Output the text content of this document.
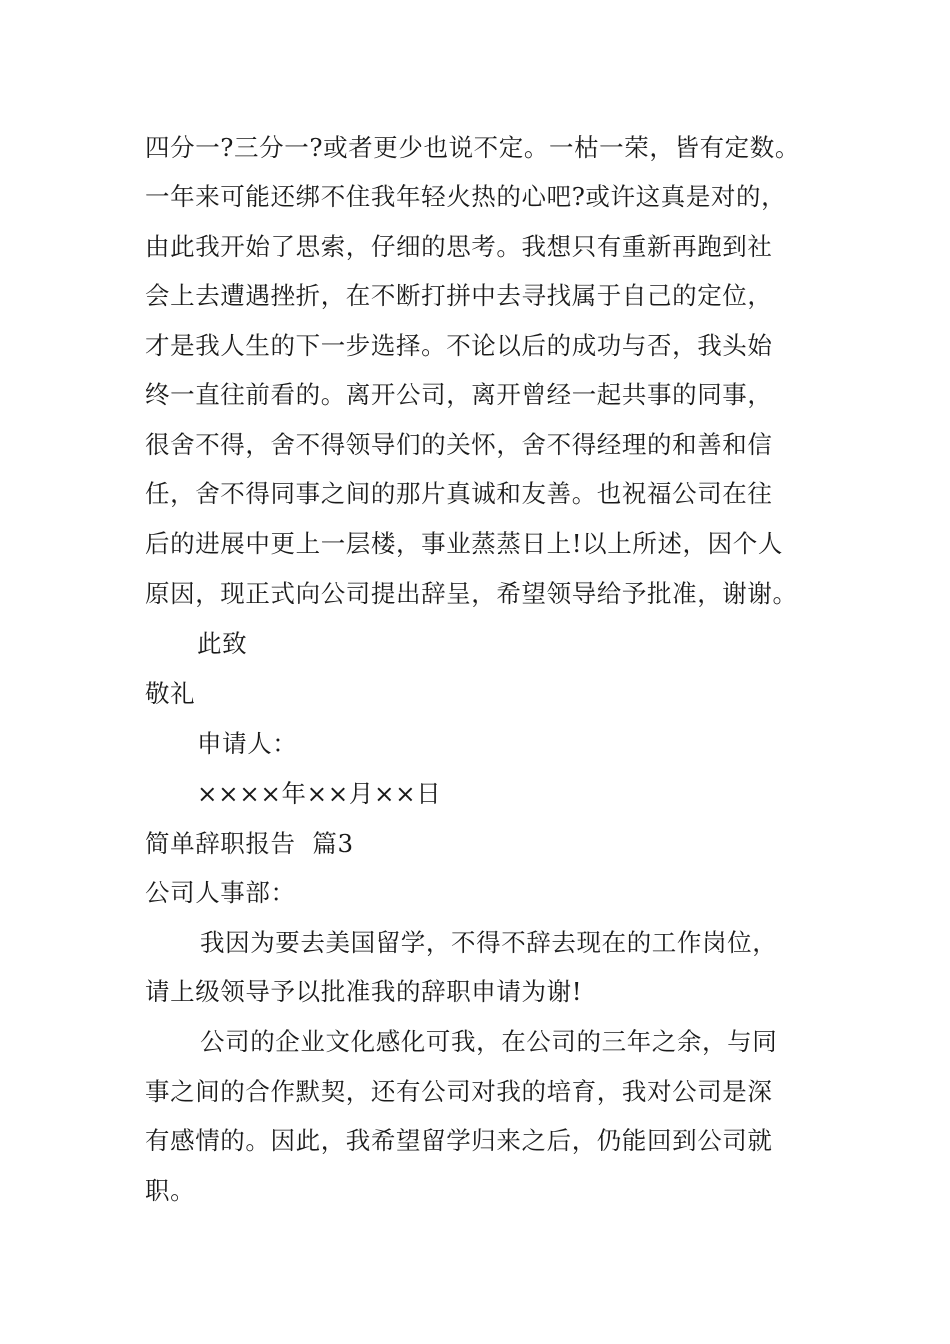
四分一?三分一?或者更少也说不定。一枯一荣，皆有定数。
一年来可能还绑不住我年轻火热的心吧?或许这真是对的，
由此我开始了思索，仔细的思考。我想只有重新再跑到社
会上去遭遇挫折，在不断打拼中去寻找属于自己的定位，
才是我人生的下一步选择。不论以后的成功与否，我头始
终一直往前看的。离开公司，离开曾经一起共事的同事，
很舍不得，舍不得领导们的关怀，舍不得经理的和善和信
任，舍不得同事之间的那片真诚和友善。也祝福公司在往
后的进展中更上一层楼，事业蒸蒸日上!以上所述，因个人
原因，现正式向公司提出辞呈，希望领导给予批准，谢谢。
此致
敬礼
申请人：
××××年××月××日
简单辞职报告  篇3
公司人事部：
我因为要去美国留学，不得不辞去现在的工作岗位，
请上级领导予以批准我的辞职申请为谢!
公司的企业文化感化可我，在公司的三年之余，与同
事之间的合作默契，还有公司对我的培育，我对公司是深
有感情的。因此，我希望留学归来之后，仍能回到公司就
职。
